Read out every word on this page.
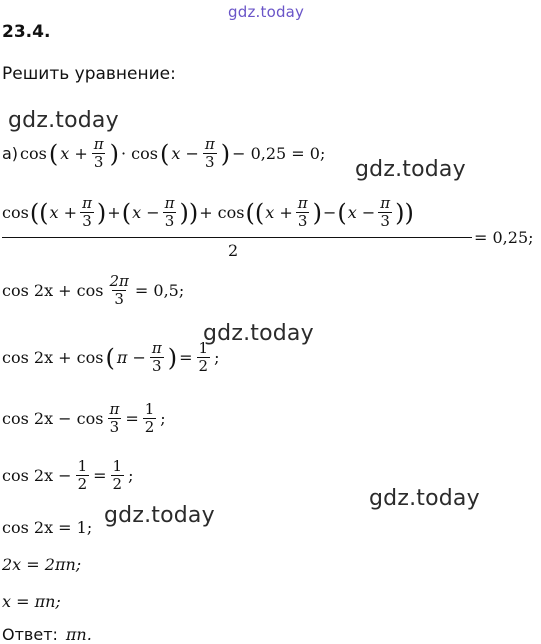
gdz.today
gdz.today
gdz.today
gdz.today
gdz.today
gdz.today
23.4.
Решить уравнение:
а) cos ( $x + \frac{\pi}{3}$ ) · cos ( $x - \frac{\pi}{3}$ ) − 0,25 = 0;
cos (( $x + \frac{\pi}{3}$ ) + ( $x - \frac{\pi}{3}$ )) + cos (( $x + \frac{\pi}{3}$ ) − ( $x - \frac{\pi}{3}$ ))
2
= 0,25;
$\cos 2x + \cos \frac{2\pi}{3} = 0,5$;
cos 2x + cos ( $\pi - \frac{\pi}{3}$ ) = $\frac{1}{2}$ ;
$\cos 2x - \cos \frac{\pi}{3} = \frac{1}{2}$ ;
$\cos 2x - \frac{1}{2} = \frac{1}{2}$ ;
cos 2x = 1;
2x = 2πn;
x = πn;
Ответ: πn.
